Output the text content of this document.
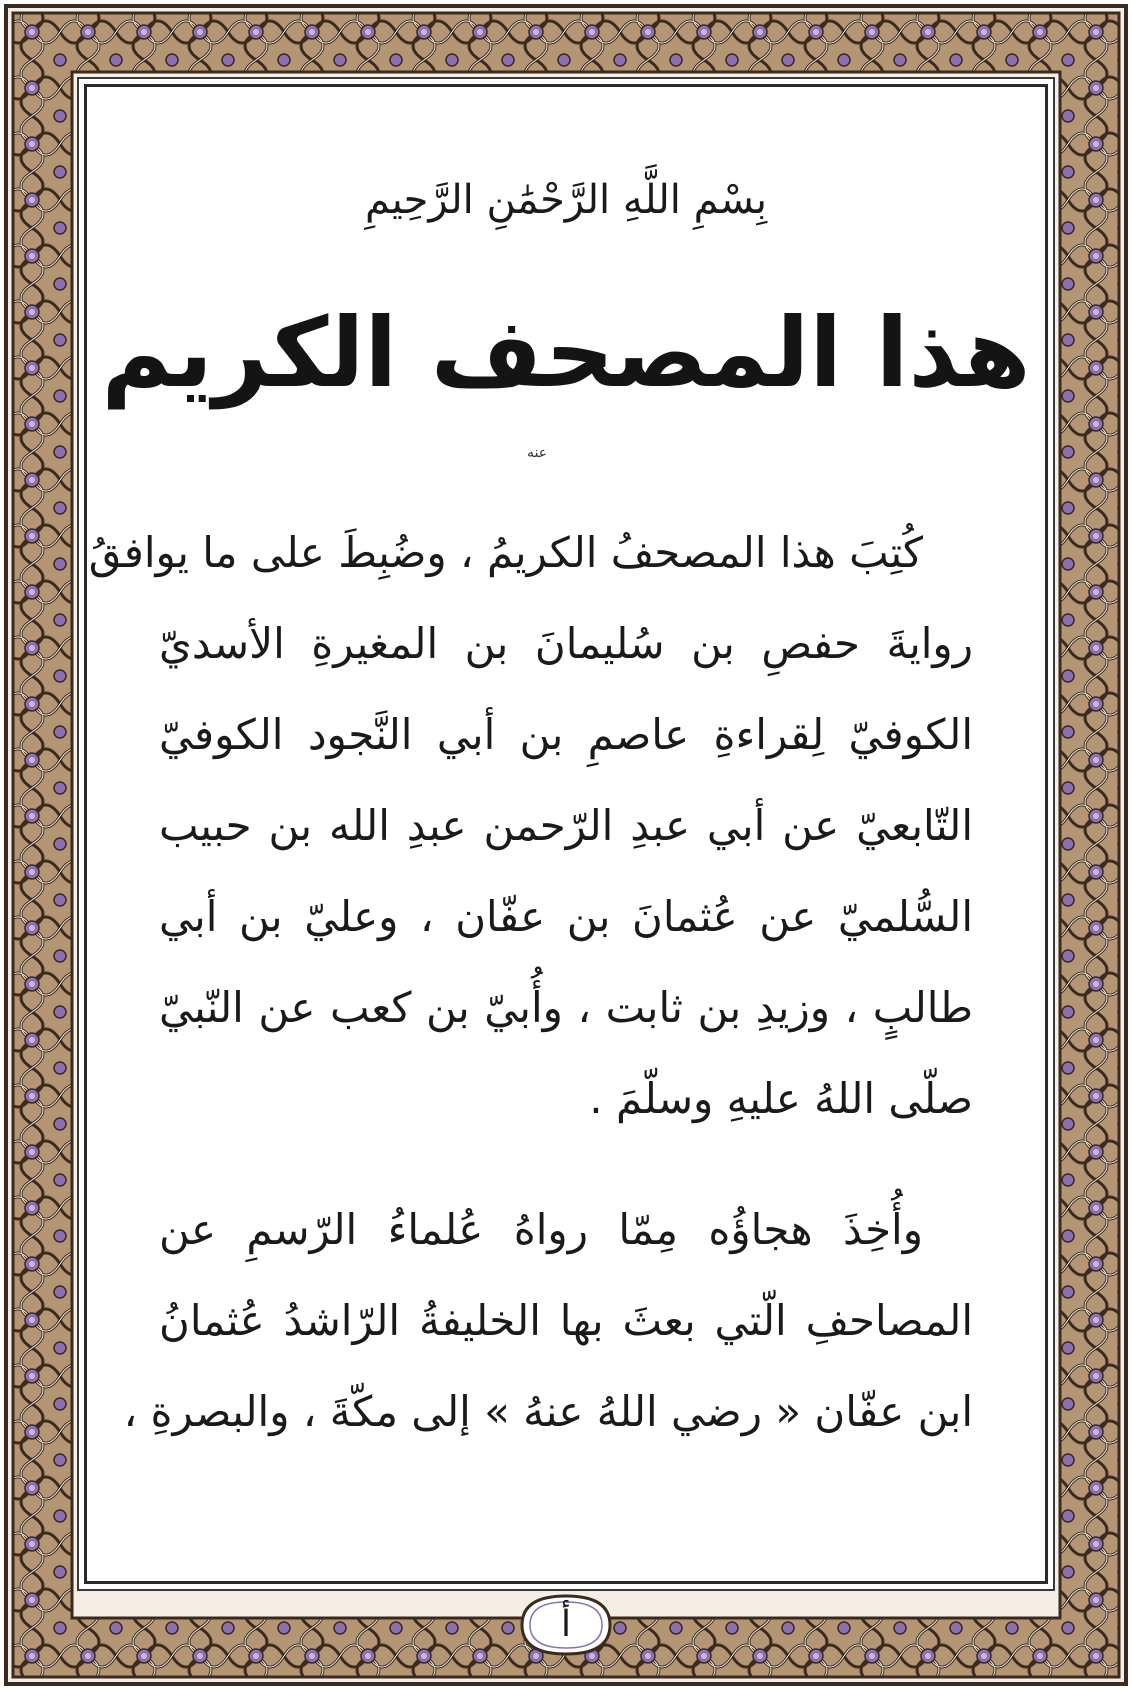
بِسْمِ اللَّهِ الرَّحْمَٰنِ الرَّحِيمِ
هذا المصحف الكريم
عنه

كُتِبَ هذا المصحفُ الكريمُ ، وضُبِطَ على ما يوافقُ

روايةَ حفصِ بن سُليمانَ بن المغيرةِ الأسديّ

الكوفيّ لِقراءةِ عاصمِ بن أبي النَّجود الكوفيّ

التّابعيّ عن أبي عبدِ الرّحمن عبدِ الله بن حبيب

السُّلميّ عن عُثمانَ بن عفّان ، وعليّ بن أبي

طالبٍ ، وزيدِ بن ثابت ، وأُبيّ بن كعب عن النّبيّ

صلّى اللهُ عليهِ وسلّمَ .

وأُخِذَ هجاؤُه مِمّا رواهُ عُلماءُ الرّسمِ عن

المصاحفِ الّتي بعثَ بها الخليفةُ الرّاشدُ عُثمانُ

ابن عفّان « رضي اللهُ عنهُ » إلى مكّةَ ، والبصرةِ ،

أ
